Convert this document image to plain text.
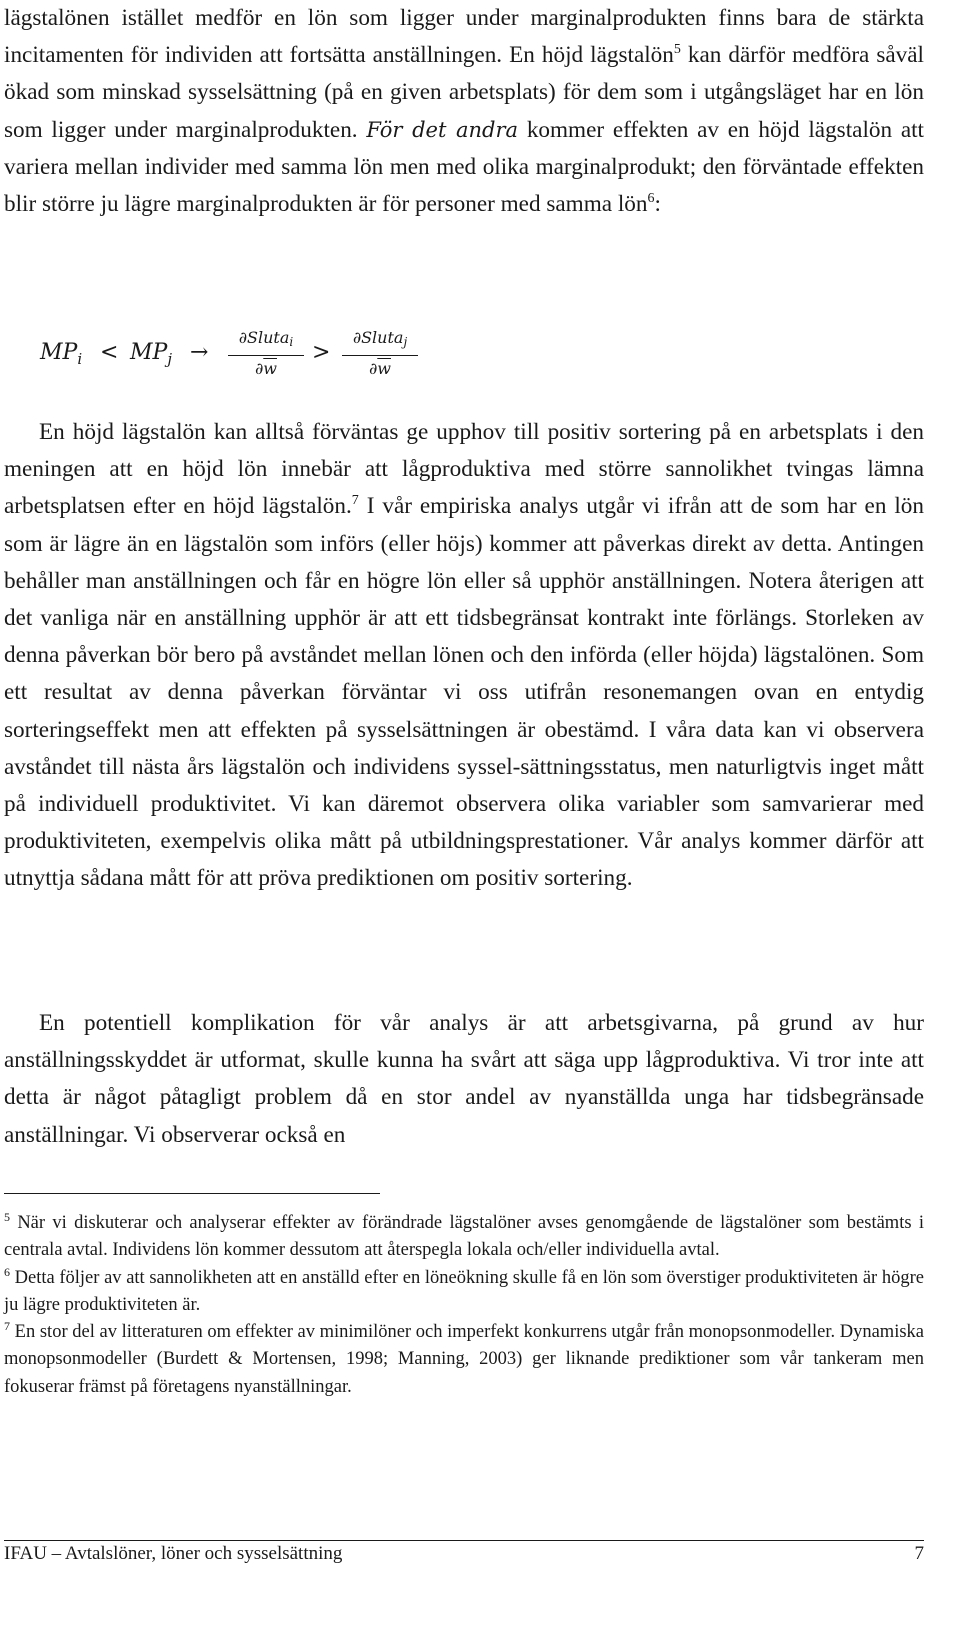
lägstalönen istället medför en lön som ligger under marginalprodukten finns bara de stärkta incitamenten för individen att fortsätta anställningen. En höjd lägstalön$^5$ kan därför medföra såväl ökad som minskad sysselsättning (på en given arbetsplats) för dem som i utgångsläget har en lön som ligger under marginalprodukten. För det andra kommer effekten av en höjd lägstalön att variera mellan individer med samma lön men med olika marginalprodukt; den förväntade effekten blir större ju lägre marginalprodukten är för personer med samma lön$^6$:

$MP_i < MP_j$ →
∂Sluta$_i$
$\partial\overline{w}$
>
∂Sluta$_j$
$\partial\overline{w}$

En höjd lägstalön kan alltså förväntas ge upphov till positiv sortering på en arbetsplats i den meningen att en höjd lön innebär att lågproduktiva med större sannolikhet tvingas lämna arbetsplatsen efter en höjd lägstalön.$^7$ I vår empiriska analys utgår vi ifrån att de som har en lön som är lägre än en lägstalön som införs (eller höjs) kommer att påverkas direkt av detta. Antingen behåller man anställningen och får en högre lön eller så upphör anställningen. Notera återigen att det vanliga när en anställning upphör är att ett tidsbegränsat kontrakt inte förlängs. Storleken av denna påverkan bör bero på avståndet mellan lönen och den införda (eller höjda) lägstalönen. Som ett resultat av denna påverkan förväntar vi oss utifrån resonemangen ovan en entydig sorteringseffekt men att effekten på sysselsättningen är obestämd. I våra data kan vi observera avståndet till nästa års lägstalön och individens syssel-sättningsstatus, men naturligtvis inget mått på individuell produktivitet. Vi kan däremot observera olika variabler som samvarierar med produktiviteten, exempelvis olika mått på utbildningsprestationer. Vår analys kommer därför att utnyttja sådana mått för att pröva prediktionen om positiv sortering.

En potentiell komplikation för vår analys är att arbetsgivarna, på grund av hur anställningsskyddet är utformat, skulle kunna ha svårt att säga upp lågproduktiva. Vi tror inte att detta är något påtagligt problem då en stor andel av nyanställda unga har tidsbegränsade anställningar. Vi observerar också en

$^5$ När vi diskuterar och analyserar effekter av förändrade lägstalöner avses genomgående de lägstalöner som bestämts i centrala avtal. Individens lön kommer dessutom att återspegla lokala och/eller individuella avtal.

$^6$ Detta följer av att sannolikheten att en anställd efter en löneökning skulle få en lön som överstiger produktiviteten är högre ju lägre produktiviteten är.

$^7$ En stor del av litteraturen om effekter av minimilöner och imperfekt konkurrens utgår från monopsonmodeller. Dynamiska monopsonmodeller (Burdett & Mortensen, 1998; Manning, 2003) ger liknande prediktioner som vår tankeram men fokuserar främst på företagens nyanställningar.

IFAU – Avtalslöner, löner och sysselsättning	7
